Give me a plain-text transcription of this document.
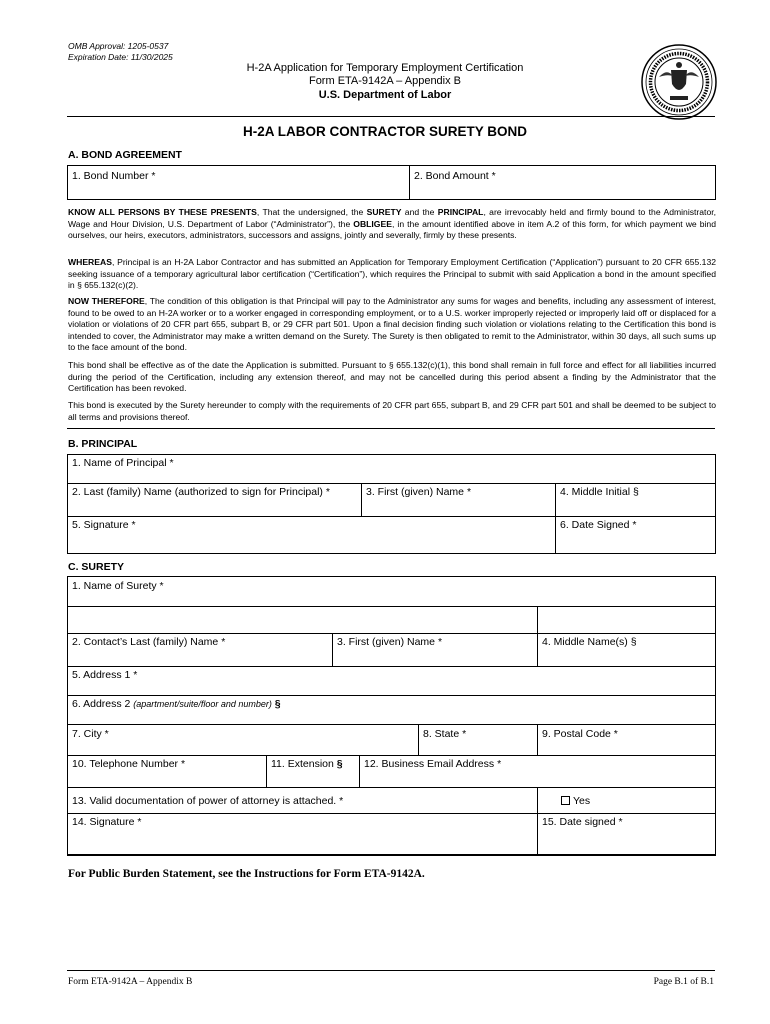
OMB Approval: 1205-0537
Expiration Date: 11/30/2025
H-2A Application for Temporary Employment Certification
Form ETA-9142A – Appendix B
U.S. Department of Labor
H-2A LABOR CONTRACTOR SURETY BOND
A. BOND AGREEMENT
1. Bond Number *	2. Bond Amount *
KNOW ALL PERSONS BY THESE PRESENTS, That the undersigned, the SURETY and the PRINCIPAL, are irrevocably held and firmly bound to the Administrator, Wage and Hour Division, U.S. Department of Labor (“Administrator”), the OBLIGEE, in the amount identified above in item A.2 of this form, for which payment we bind ourselves, our heirs, executors, administrators, successors and assigns, jointly and severally, firmly by these presents.
WHEREAS, Principal is an H-2A Labor Contractor and has submitted an Application for Temporary Employment Certification (“Application”) pursuant to 20 CFR 655.132 seeking issuance of a temporary agricultural labor certification (“Certification”), which requires the Principal to submit with said Application a bond in the amount specified in § 655.132(c)(2).
NOW THEREFORE, The condition of this obligation is that Principal will pay to the Administrator any sums for wages and benefits, including any assessment of interest, found to be owed to an H-2A worker or to a worker engaged in corresponding employment, or to a U.S. worker improperly rejected or improperly laid off or displaced for a violation or violations of 20 CFR part 655, subpart B, or 29 CFR part 501. Upon a final decision finding such violation or violations relating to the Certification this bond is intended to cover, the Administrator may make a written demand on the Surety. The Surety is then obligated to remit to the Administrator, within 30 days, all such sums up to the face amount of the bond.
This bond shall be effective as of the date the Application is submitted. Pursuant to § 655.132(c)(1), this bond shall remain in full force and effect for all liabilities incurred during the period of the Certification, including any extension thereof, and may not be cancelled during this period absent a finding by the Administrator that the Certification has been revoked.
This bond is executed by the Surety hereunder to comply with the requirements of 20 CFR part 655, subpart B, and 29 CFR part 501 and shall be deemed to be subject to all terms and provisions thereof.
B. PRINCIPAL
1. Name of Principal *
2. Last (family) Name (authorized to sign for Principal) *	3. First (given) Name *	4. Middle Initial §
5. Signature *	6. Date Signed *
C. SURETY
1. Name of Surety *
2. Contact’s Last (family) Name *	3. First (given) Name *	4. Middle Name(s) §
5. Address 1 *
6. Address 2 (apartment/suite/floor and number) §
7. City *	8. State *	9. Postal Code *
10. Telephone Number *	11. Extension § 12. Business Email Address *
13. Valid documentation of power of attorney is attached. *	Yes
14. Signature *	15. Date signed *
For Public Burden Statement, see the Instructions for Form ETA-9142A.
Form ETA-9142A – Appendix B	Page B.1 of B.1
